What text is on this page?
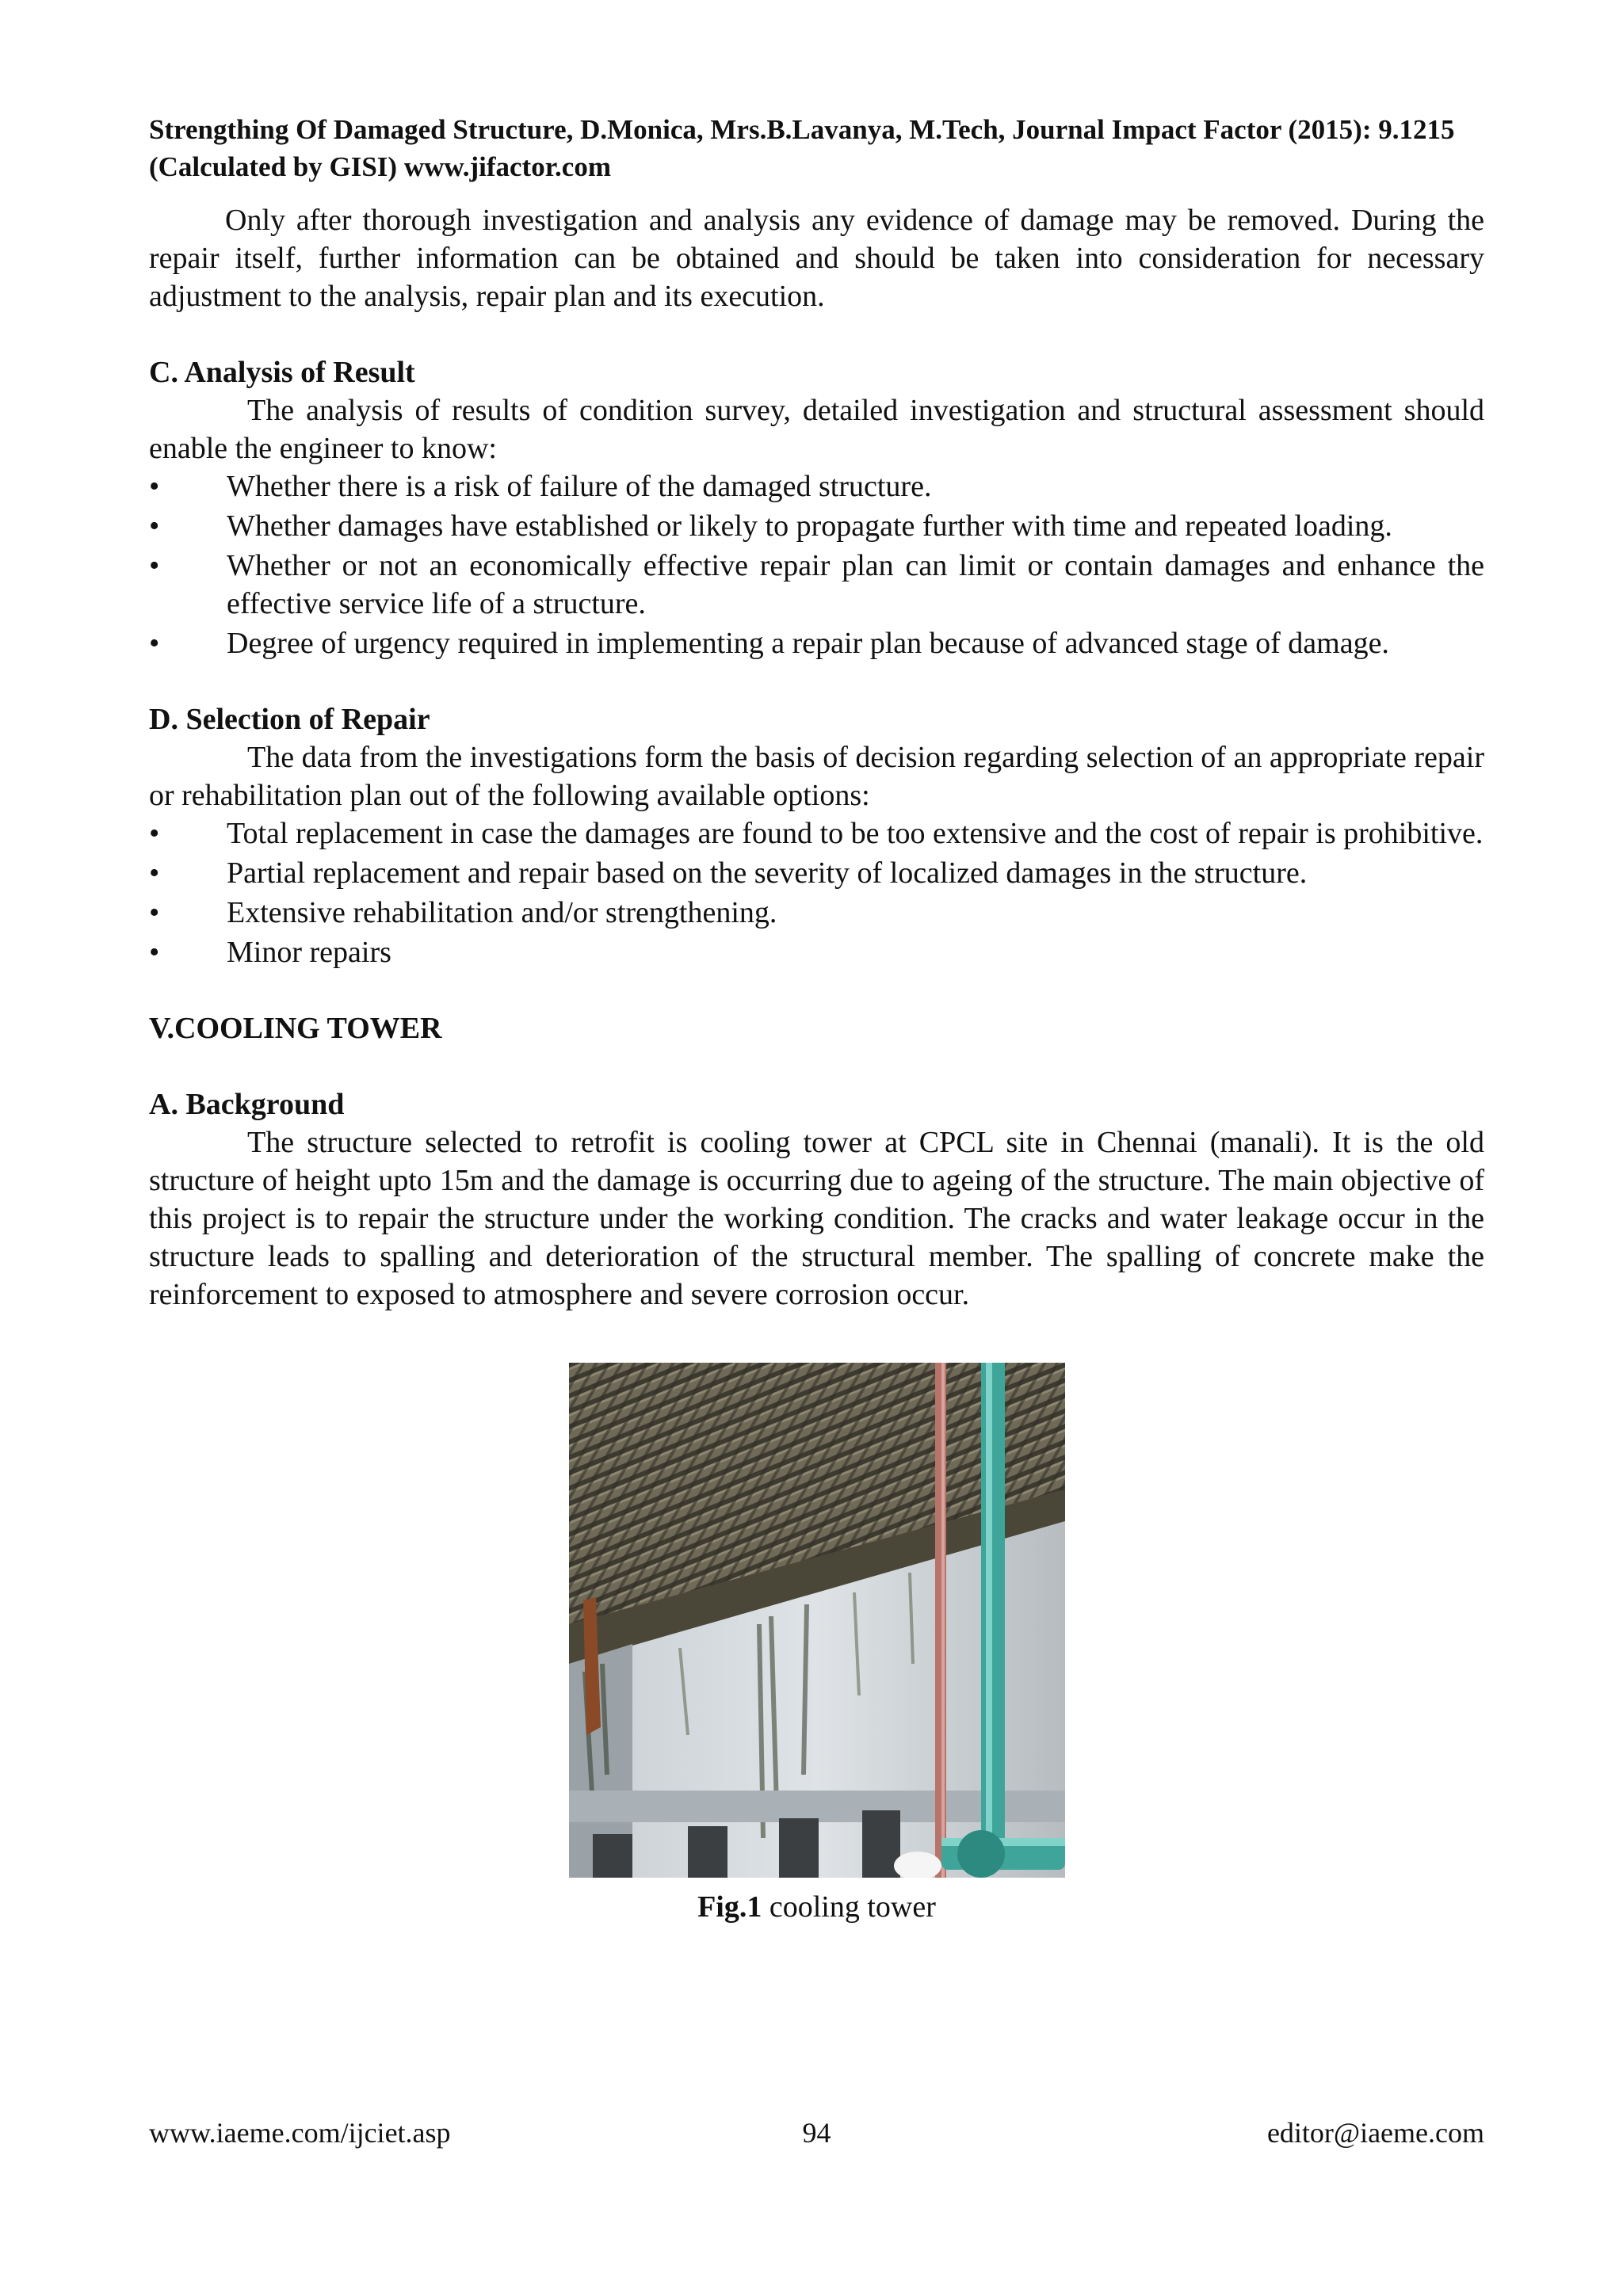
Strengthing Of Damaged Structure, D.Monica, Mrs.B.Lavanya, M.Tech, Journal Impact Factor (2015): 9.1215 (Calculated by GISI) www.jifactor.com

Only after thorough investigation and analysis any evidence of damage may be removed. During the repair itself, further information can be obtained and should be taken into consideration for necessary adjustment to the analysis, repair plan and its execution.

C. Analysis of Result

The analysis of results of condition survey, detailed investigation and structural assessment should enable the engineer to know:

•	Whether there is a risk of failure of the damaged structure.
•	Whether damages have established or likely to propagate further with time and repeated loading.
•	Whether or not an economically effective repair plan can limit or contain damages and enhance the effective service life of a structure.
•	Degree of urgency required in implementing a repair plan because of advanced stage of damage.
D. Selection of Repair

The data from the investigations form the basis of decision regarding selection of an appropriate repair or rehabilitation plan out of the following available options:

•	Total replacement in case the damages are found to be too extensive and the cost of repair is prohibitive.
•	Partial replacement and repair based on the severity of localized damages in the structure.
•	Extensive rehabilitation and/or strengthening.
•	Minor repairs
V.COOLING TOWER
A. Background

The structure selected to retrofit is cooling tower at CPCL site in Chennai (manali). It is the old structure of height upto 15m and the damage is occurring due to ageing of the structure. The main objective of this project is to repair the structure under the working condition. The cracks and water leakage occur in the structure leads to spalling and deterioration of the structural member. The spalling of concrete make the reinforcement to exposed to atmosphere and severe corrosion occur.

Fig.1 cooling tower
www.iaeme.com/ijciet.asp	94	editor@iaeme.com
